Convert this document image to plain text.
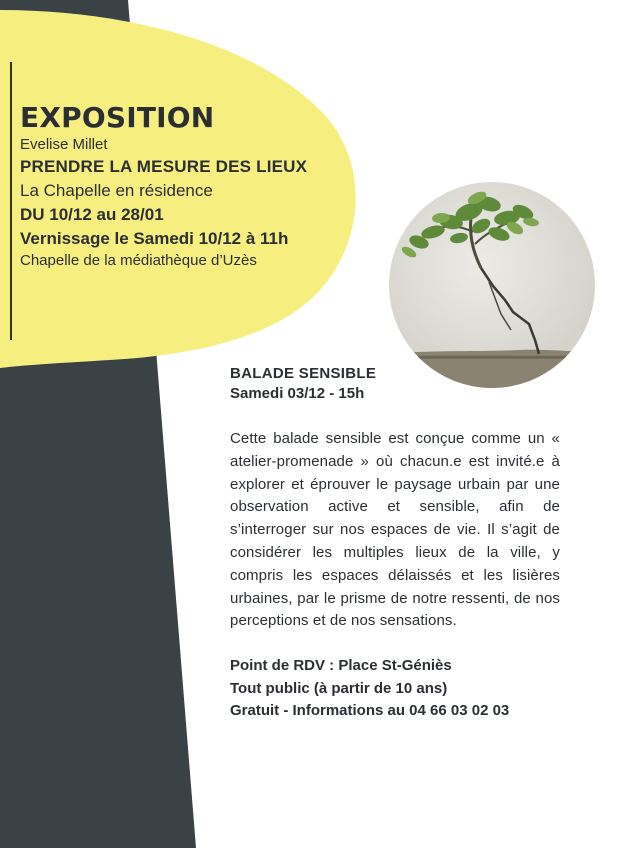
EXPOSITION
Evelise Millet
PRENDRE LA MESURE DES LIEUX
La Chapelle en résidence
DU 10/12 au 28/01
Vernissage le Samedi 10/12 à 11h
Chapelle de la médiathèque d’Uzès
BALADE SENSIBLE
Samedi 03/12 - 15h
Cette balade sensible est conçue comme un « atelier-promenade » où chacun.e est invité.e à explorer et éprouver le paysage urbain par une observation active et sensible, afin de s’interroger sur nos espaces de vie. Il s’agit de considérer les multiples lieux de la ville, y compris les espaces délaissés et les lisières urbaines, par le prisme de notre ressenti, de nos perceptions et de nos sensations.
Point de RDV : Place St-Géniès
Tout public (à partir de 10 ans)
Gratuit - Informations au 04 66 03 02 03
